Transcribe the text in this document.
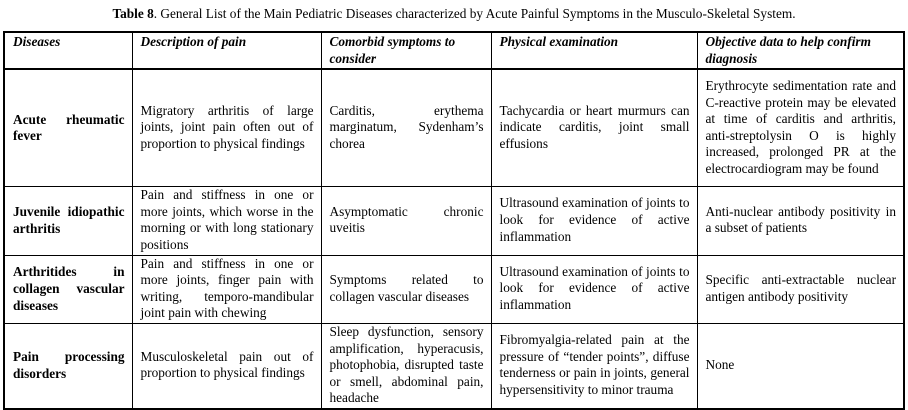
Table 8. General List of the Main Pediatric Diseases characterized by Acute Painful Symptoms in the Musculo-Skeletal System.
Diseases	Description of pain	Comorbid symptoms to consider	Physical examination	Objective data to help confirm diagnosis
Acute rheumatic fever	Migratory arthritis of large joints, joint pain often out of proportion to physical findings	Carditis, erythema marginatum, Sydenham’s chorea	Tachycardia or heart murmurs can indicate carditis, joint small effusions	Erythrocyte sedimentation rate and C-reactive protein may be elevated at time of carditis and arthritis, anti-streptolysin O is highly increased, prolonged PR at the electrocardiogram may be found
Juvenile idiopathic arthritis	Pain and stiffness in one or more joints, which worse in the morning or with long stationary positions	Asymptomatic chronic uveitis	Ultrasound examination of joints to look for evidence of active inflammation	Anti-nuclear antibody positivity in a subset of patients
Arthritides in collagen vascular diseases	Pain and stiffness in one or more joints, finger pain with writing, temporo-mandibular joint pain with chewing	Symptoms related to collagen vascular diseases	Ultrasound examination of joints to look for evidence of active inflammation	Specific anti-extractable nuclear antigen antibody positivity
Pain processing disorders	Musculoskeletal pain out of proportion to physical findings	Sleep dysfunction, sensory amplification, hyperacusis, photophobia, disrupted taste or smell, abdominal pain, headache	Fibromyalgia-related pain at the pressure of “tender points”, diffuse tenderness or pain in joints, general hypersensitivity to minor trauma	None
